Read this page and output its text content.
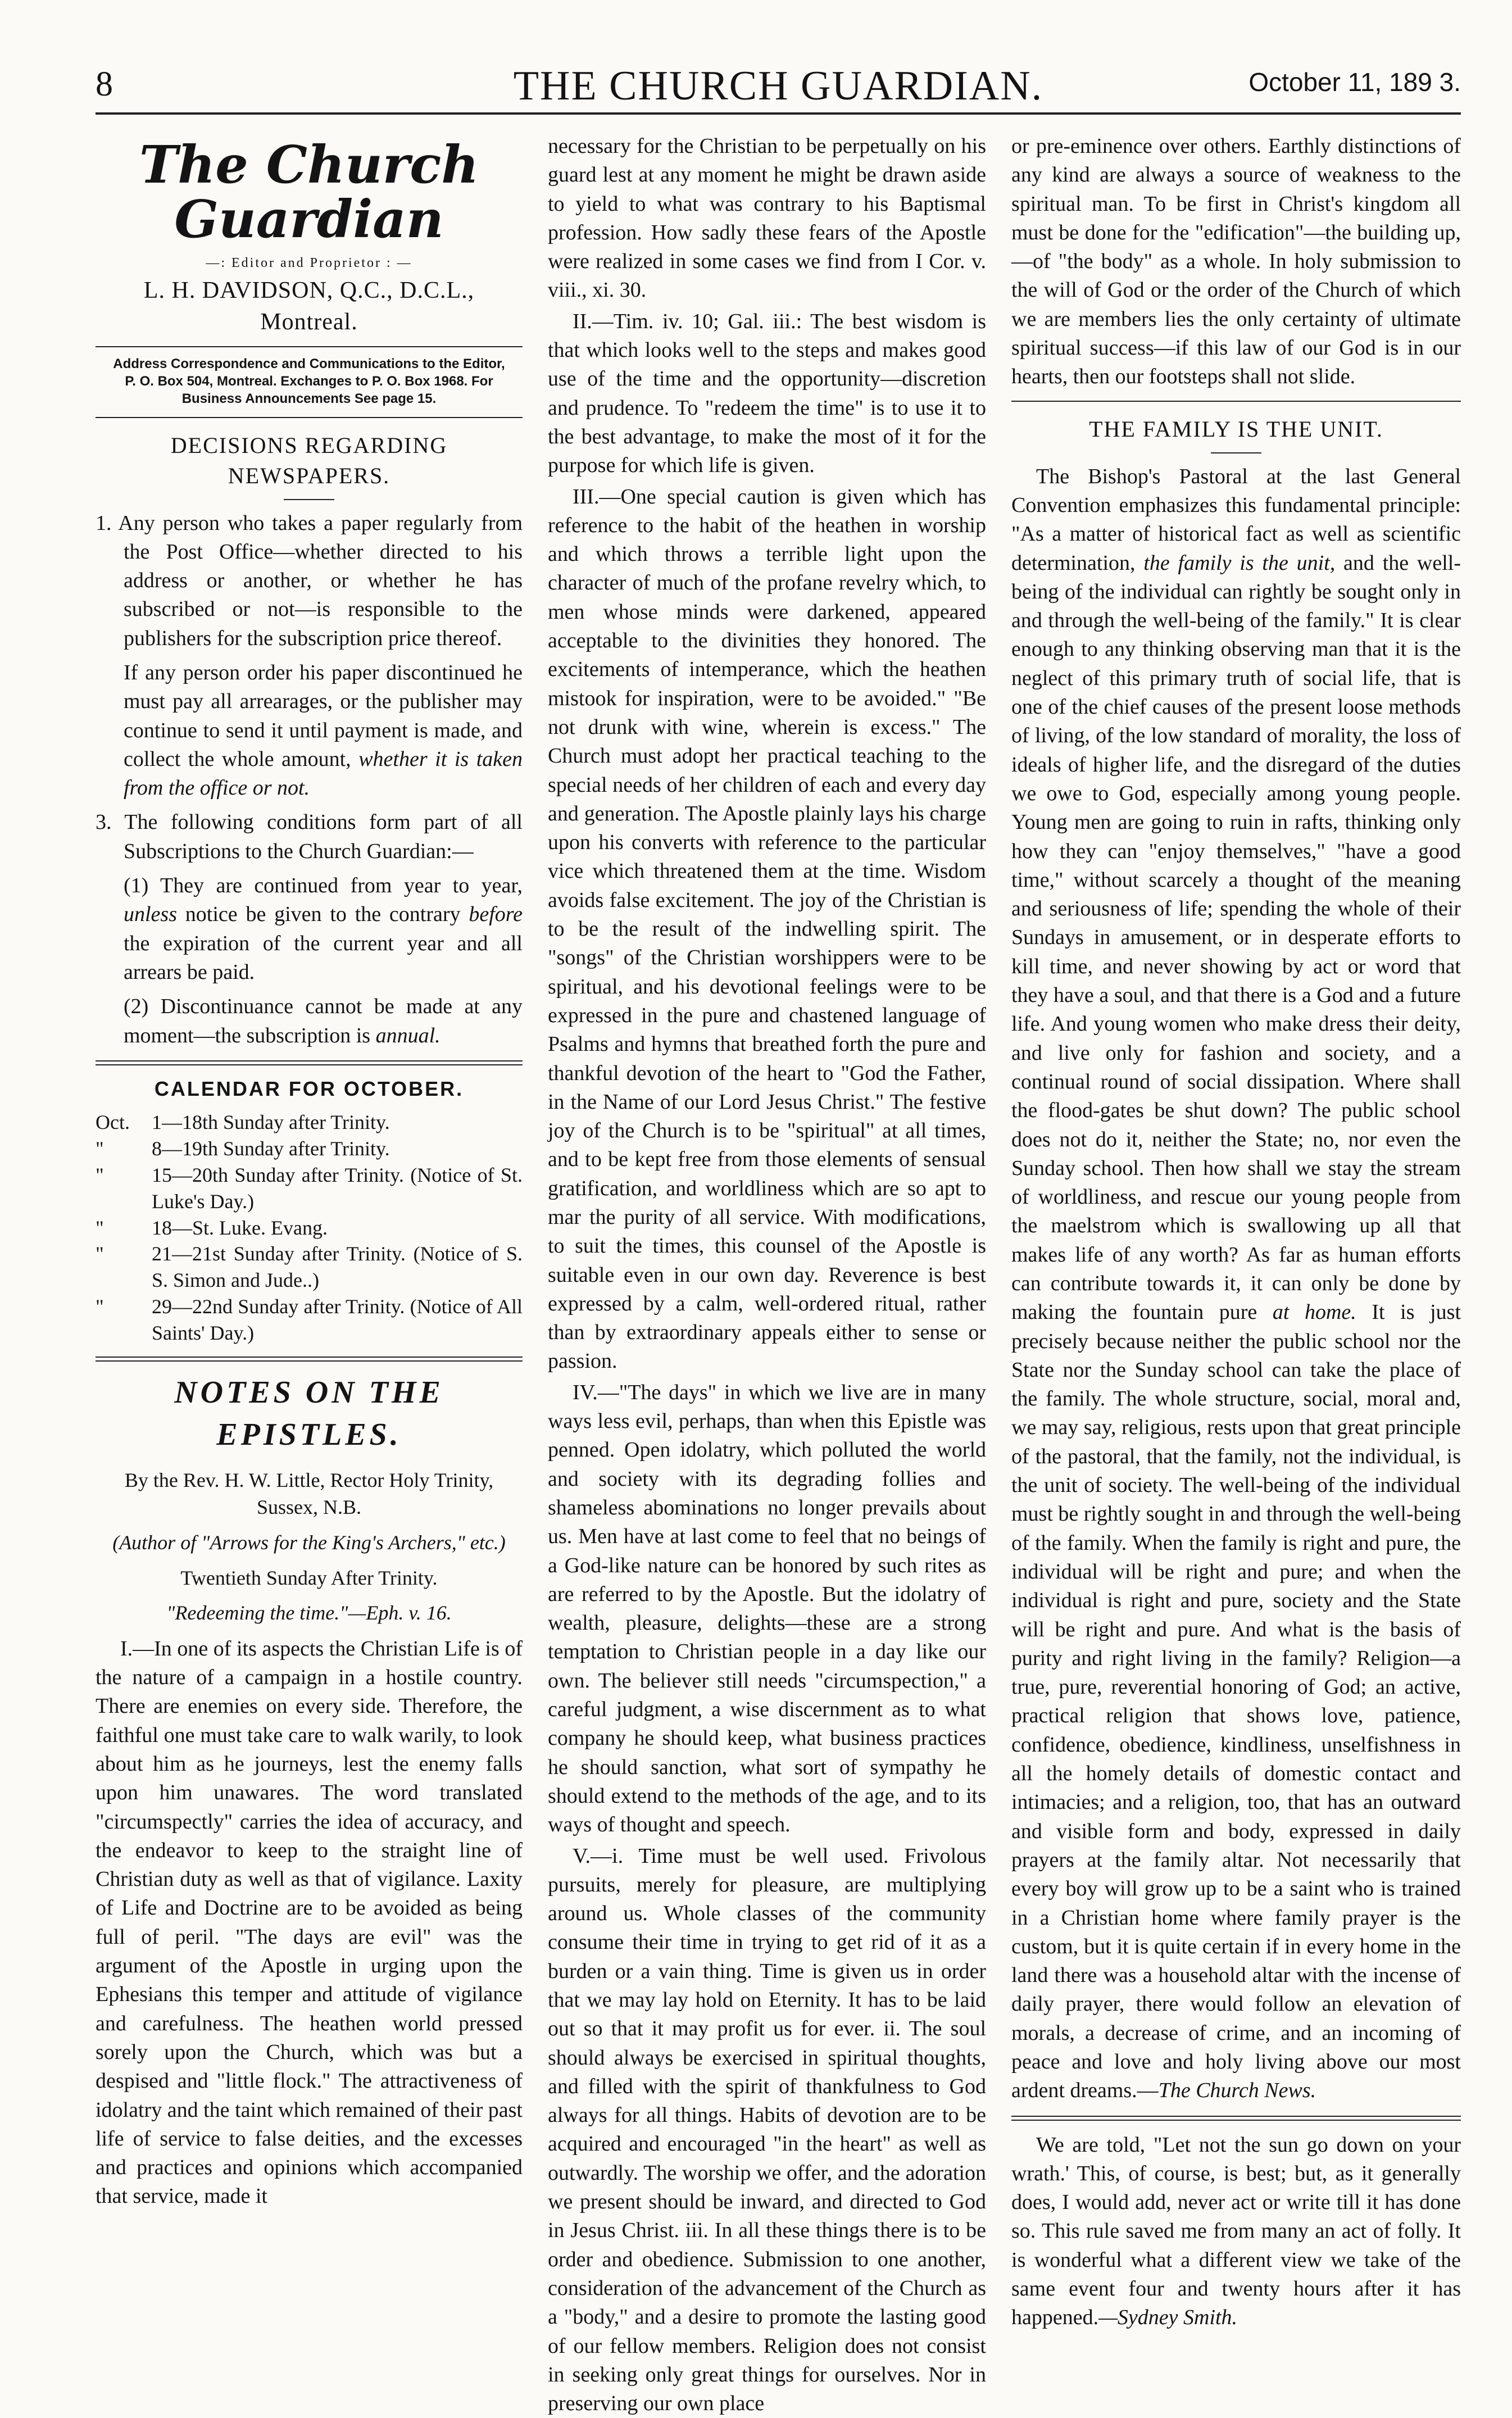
8	THE CHURCH GUARDIAN.	October 11, 189 3.
The Church Guardian
—: Editor and Proprietor : —
L. H. DAVIDSON, Q.C., D.C.L., Montreal.
Address Correspondence and Communications to the Editor, P. O. Box 504, Montreal. Exchanges to P. O. Box 1968. For Business Announcements See page 15.
DECISIONS REGARDING NEWSPAPERS.
1. Any person who takes a paper regularly from the Post Office—whether directed to his address or another, or whether he has subscribed or not—is responsible to the publishers for the subscription price thereof.
If any person order his paper discontinued he must pay all arrearages, or the publisher may continue to send it until payment is made, and collect the whole amount, whether it is taken from the office or not.
3. The following conditions form part of all Subscriptions to the Church Guardian:—
(1) They are continued from year to year, unless notice be given to the contrary before the expiration of the current year and all arrears be paid.
(2) Discontinuance cannot be made at any moment—the subscription is annual.
CALENDAR FOR OCTOBER.
Oct.	1—18th Sunday after Trinity.
"	8—19th Sunday after Trinity.
"	15—20th Sunday after Trinity. (Notice of St. Luke's Day.)
"	18—St. Luke. Evang.
"	21—21st Sunday after Trinity. (Notice of S. S. Simon and Jude..)
"	29—22nd Sunday after Trinity. (Notice of All Saints' Day.)
NOTES ON THE EPISTLES.
By the Rev. H. W. Little, Rector Holy Trinity, Sussex, N.B.
(Author of "Arrows for the King's Archers," etc.)
Twentieth Sunday After Trinity.
"Redeeming the time."—Eph. v. 16.

I.—In one of its aspects the Christian Life is of the nature of a campaign in a hostile country. There are enemies on every side. Therefore, the faithful one must take care to walk warily, to look about him as he journeys, lest the enemy falls upon him unawares. The word translated "circumspectly" carries the idea of accuracy, and the endeavor to keep to the straight line of Christian duty as well as that of vigilance. Laxity of Life and Doctrine are to be avoided as being full of peril. "The days are evil" was the argument of the Apostle in urging upon the Ephesians this temper and attitude of vigilance and carefulness. The heathen world pressed sorely upon the Church, which was but a despised and "little flock." The attractiveness of idolatry and the taint which remained of their past life of service to false deities, and the excesses and practices and opinions which accompanied that service, made it

necessary for the Christian to be perpetually on his guard lest at any moment he might be drawn aside to yield to what was contrary to his Baptismal profession. How sadly these fears of the Apostle were realized in some cases we find from I Cor. v. viii., xi. 30.

II.—Tim. iv. 10; Gal. iii.: The best wisdom is that which looks well to the steps and makes good use of the time and the opportunity—discretion and prudence. To "redeem the time" is to use it to the best advantage, to make the most of it for the purpose for which life is given.

III.—One special caution is given which has reference to the habit of the heathen in worship and which throws a terrible light upon the character of much of the profane revelry which, to men whose minds were darkened, appeared acceptable to the divinities they honored. The excitements of intemperance, which the heathen mistook for inspiration, were to be avoided." "Be not drunk with wine, wherein is excess." The Church must adopt her practical teaching to the special needs of her children of each and every day and generation. The Apostle plainly lays his charge upon his converts with reference to the particular vice which threatened them at the time. Wisdom avoids false excitement. The joy of the Christian is to be the result of the indwelling spirit. The "songs" of the Christian worshippers were to be spiritual, and his devotional feelings were to be expressed in the pure and chastened language of Psalms and hymns that breathed forth the pure and thankful devotion of the heart to "God the Father, in the Name of our Lord Jesus Christ." The festive joy of the Church is to be "spiritual" at all times, and to be kept free from those elements of sensual gratification, and worldliness which are so apt to mar the purity of all service. With modifications, to suit the times, this counsel of the Apostle is suitable even in our own day. Reverence is best expressed by a calm, well-ordered ritual, rather than by extraordinary appeals either to sense or passion.

IV.—"The days" in which we live are in many ways less evil, perhaps, than when this Epistle was penned. Open idolatry, which polluted the world and society with its degrading follies and shameless abominations no longer prevails about us. Men have at last come to feel that no beings of a God-like nature can be honored by such rites as are referred to by the Apostle. But the idolatry of wealth, pleasure, delights—these are a strong temptation to Christian people in a day like our own. The believer still needs "circumspection," a careful judgment, a wise discernment as to what company he should keep, what business practices he should sanction, what sort of sympathy he should extend to the methods of the age, and to its ways of thought and speech.

V.—i. Time must be well used. Frivolous pursuits, merely for pleasure, are multiplying around us. Whole classes of the community consume their time in trying to get rid of it as a burden or a vain thing. Time is given us in order that we may lay hold on Eternity. It has to be laid out so that it may profit us for ever. ii. The soul should always be exercised in spiritual thoughts, and filled with the spirit of thankfulness to God always for all things. Habits of devotion are to be acquired and encouraged "in the heart" as well as outwardly. The worship we offer, and the adoration we present should be inward, and directed to God in Jesus Christ. iii. In all these things there is to be order and obedience. Submission to one another, consideration of the advancement of the Church as a "body," and a desire to promote the lasting good of our fellow members. Religion does not consist in seeking only great things for ourselves. Nor in preserving our own place

or pre-eminence over others. Earthly distinctions of any kind are always a source of weakness to the spiritual man. To be first in Christ's kingdom all must be done for the "edification"—the building up,—of "the body" as a whole. In holy submission to the will of God or the order of the Church of which we are members lies the only certainty of ultimate spiritual success—if this law of our God is in our hearts, then our footsteps shall not slide.

THE FAMILY IS THE UNIT.

The Bishop's Pastoral at the last General Convention emphasizes this fundamental principle: "As a matter of historical fact as well as scientific determination, the family is the unit, and the well-being of the individual can rightly be sought only in and through the well-being of the family." It is clear enough to any thinking observing man that it is the neglect of this primary truth of social life, that is one of the chief causes of the present loose methods of living, of the low standard of morality, the loss of ideals of higher life, and the disregard of the duties we owe to God, especially among young people. Young men are going to ruin in rafts, thinking only how they can "enjoy themselves," "have a good time," without scarcely a thought of the meaning and seriousness of life; spending the whole of their Sundays in amusement, or in desperate efforts to kill time, and never showing by act or word that they have a soul, and that there is a God and a future life. And young women who make dress their deity, and live only for fashion and society, and a continual round of social dissipation. Where shall the flood-gates be shut down? The public school does not do it, neither the State; no, nor even the Sunday school. Then how shall we stay the stream of worldliness, and rescue our young people from the maelstrom which is swallowing up all that makes life of any worth? As far as human efforts can contribute towards it, it can only be done by making the fountain pure at home. It is just precisely because neither the public school nor the State nor the Sunday school can take the place of the family. The whole structure, social, moral and, we may say, religious, rests upon that great principle of the pastoral, that the family, not the individual, is the unit of society. The well-being of the individual must be rightly sought in and through the well-being of the family. When the family is right and pure, the individual will be right and pure; and when the individual is right and pure, society and the State will be right and pure. And what is the basis of purity and right living in the family? Religion—a true, pure, reverential honoring of God; an active, practical religion that shows love, patience, confidence, obedience, kindliness, unselfishness in all the homely details of domestic contact and intimacies; and a religion, too, that has an outward and visible form and body, expressed in daily prayers at the family altar. Not necessarily that every boy will grow up to be a saint who is trained in a Christian home where family prayer is the custom, but it is quite certain if in every home in the land there was a household altar with the incense of daily prayer, there would follow an elevation of morals, a decrease of crime, and an incoming of peace and love and holy living above our most ardent dreams.—The Church News.

We are told, "Let not the sun go down on your wrath.' This, of course, is best; but, as it generally does, I would add, never act or write till it has done so. This rule saved me from many an act of folly. It is wonderful what a different view we take of the same event four and twenty hours after it has happened.—Sydney Smith.
